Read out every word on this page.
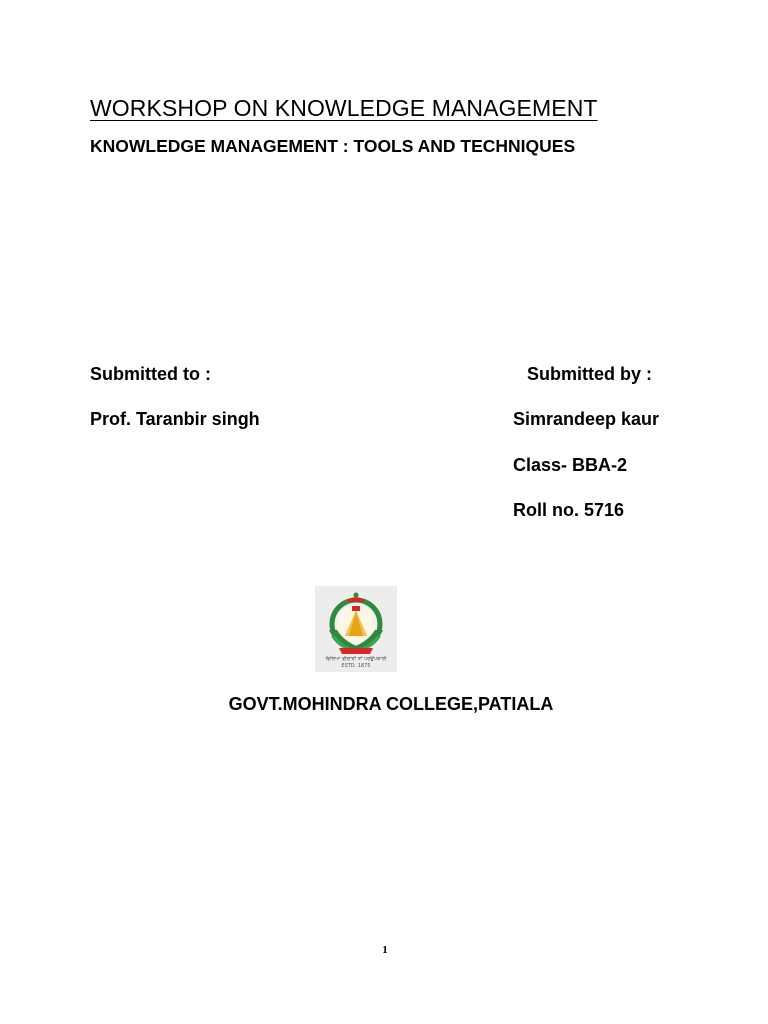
WORKSHOP ON KNOWLEDGE MANAGEMENT
KNOWLEDGE MANAGEMENT : TOOLS AND TECHNIQUES
Submitted to :
Prof. Taranbir singh
Submitted by :
Simrandeep kaur
Class- BBA-2
Roll no. 5716
ਵਿਦਿਆ ਵੀਚਾਰੀ ਤਾਂ ਪਰਉਪਕਾਰੀ
ESTD. 1875
GOVT.MOHINDRA COLLEGE,PATIALA
1
